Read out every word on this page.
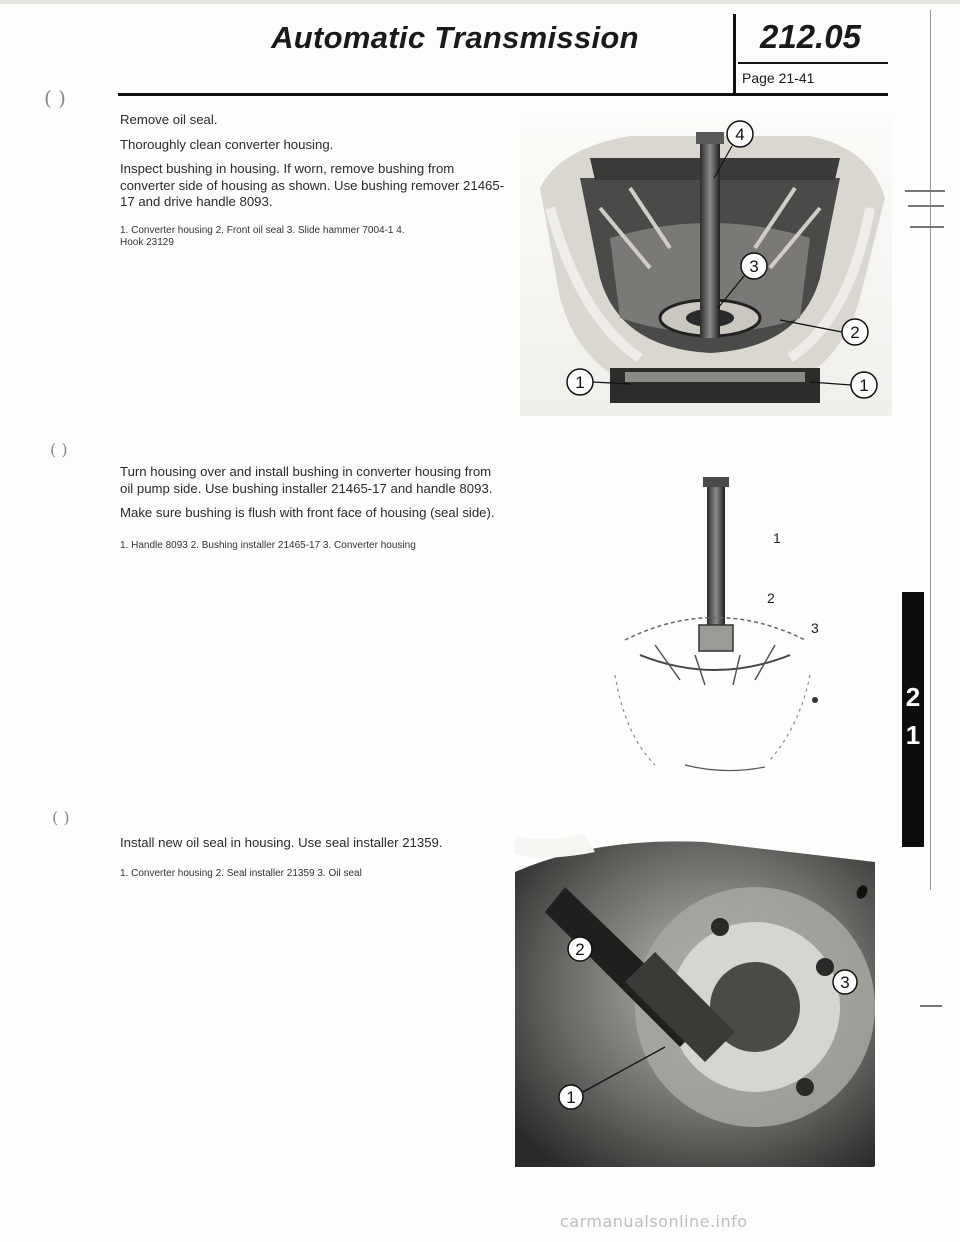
Automatic Transmission	212.05
Page 21-41
( )
( )
( )

Remove oil seal.

Thoroughly clean converter housing.

Inspect bushing in housing. If worn, remove bushing from converter side of housing as shown. Use bushing remover 21465-17 and drive handle 8093.

1. Converter housing 2. Front oil seal 3. Slide hammer 7004-1 4. Hook 23129

Turn housing over and install bushing in converter housing from oil pump side. Use bushing installer 21465-17 and handle 8093.

Make sure bushing is flush with front face of housing (seal side).

1. Handle 8093 2. Bushing installer 21465-17 3. Converter housing

Install new oil seal in housing. Use seal installer 21359.

1. Converter housing 2. Seal installer 21359 3. Oil seal

4
3
2
1
1
1
2
3
2
3
1
2
1
carmanualsonline.info
